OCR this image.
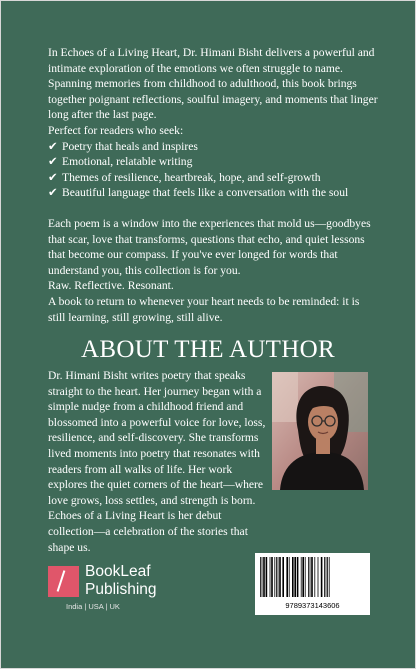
In Echoes of a Living Heart, Dr. Himani Bisht delivers a powerful and intimate exploration of the emotions we often struggle to name. Spanning memories from childhood to adulthood, this book brings together poignant reflections, soulful imagery, and moments that linger long after the last page.

Perfect for readers who seek:

✔ Poetry that heals and inspires
✔ Emotional, relatable writing
✔ Themes of resilience, heartbreak, hope, and self-growth
✔ Beautiful language that feels like a conversation with the soul

Each poem is a window into the experiences that mold us—goodbyes that scar, love that transforms, questions that echo, and quiet lessons that become our compass. If you've ever longed for words that understand you, this collection is for you.

Raw. Reflective. Resonant.

A book to return to whenever your heart needs to be reminded: it is still learning, still growing, still alive.

ABOUT THE AUTHOR
Dr. Himani Bisht writes poetry that speaks straight to the heart. Her journey began with a simple nudge from a childhood friend and blossomed into a powerful voice for love, loss, resilience, and self-discovery. She transforms lived moments into poetry that resonates with readers from all walks of life. Her work explores the quiet corners of the heart—where love grows, loss settles, and strength is born. Echoes of a Living Heart is her debut collection—a celebration of the stories that shape us.
BookLeaf
Publishing
India | USA | UK	9789373143606
